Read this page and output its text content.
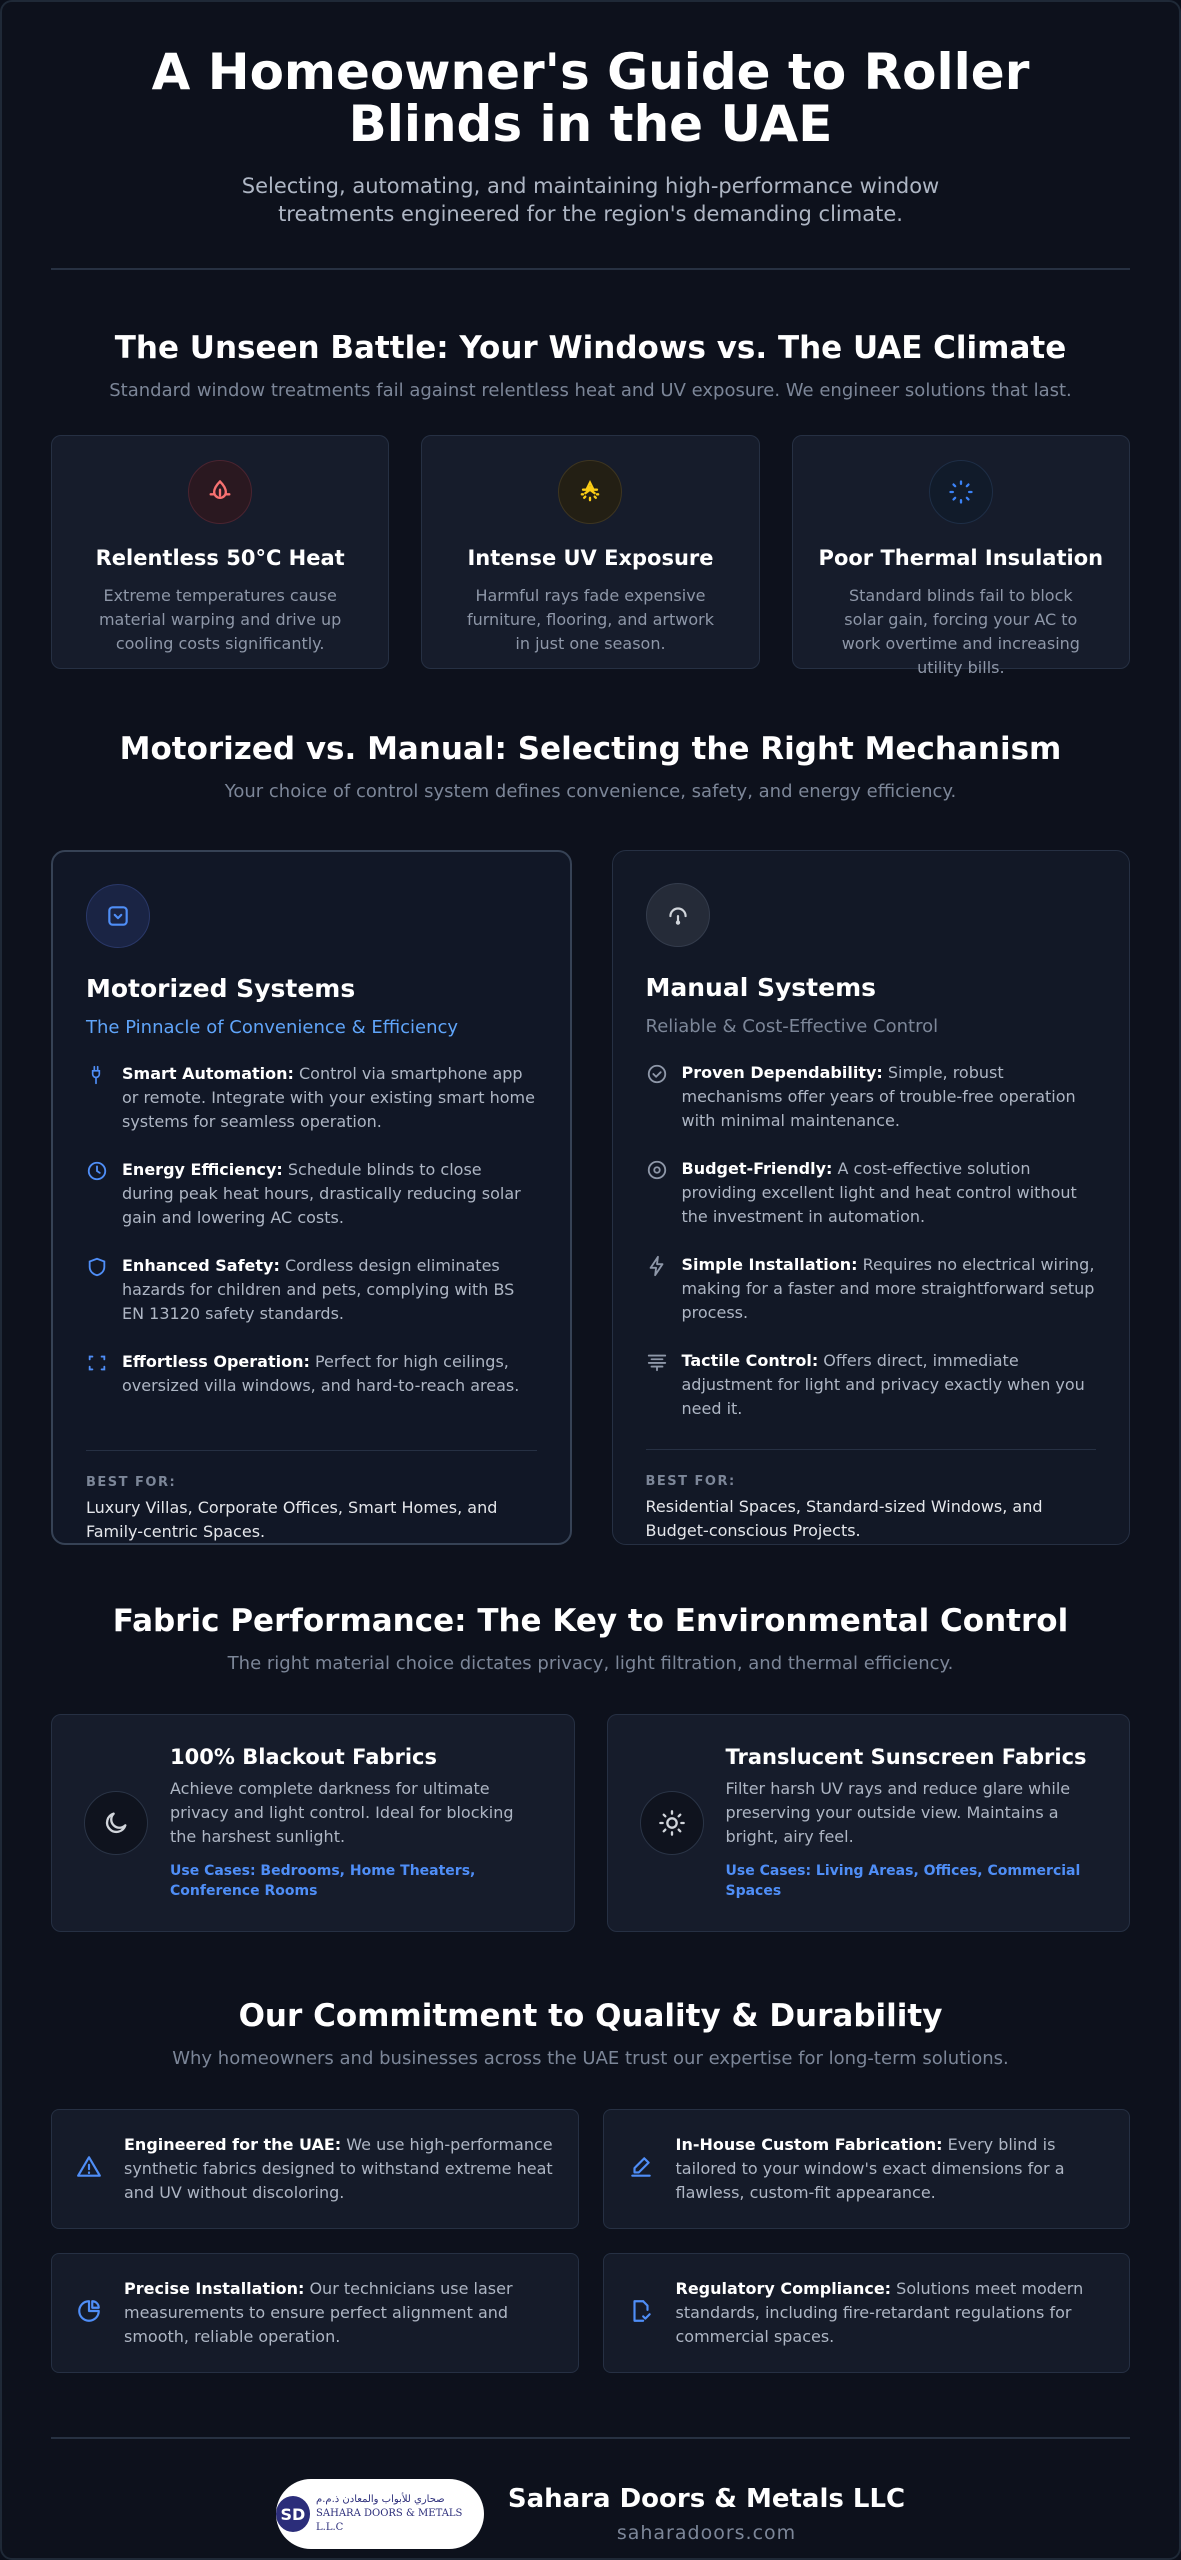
A Homeowner's Guide to Roller Blinds in the UAE

Selecting, automating, and maintaining high-performance window treatments engineered for the region's demanding climate.

The Unseen Battle: Your Windows vs. The UAE Climate

Standard window treatments fail against relentless heat and UV exposure. We engineer solutions that last.

Relentless 50°C Heat

Extreme temperatures cause material warping and drive up cooling costs significantly.

Intense UV Exposure

Harmful rays fade expensive furniture, flooring, and artwork in just one season.

Poor Thermal Insulation

Standard blinds fail to block solar gain, forcing your AC to work overtime and increasing utility bills.

Motorized vs. Manual: Selecting the Right Mechanism

Your choice of control system defines convenience, safety, and energy efficiency.

Motorized Systems

The Pinnacle of Convenience & Efficiency

Smart Automation: Control via smartphone app or remote. Integrate with your existing smart home systems for seamless operation.
Energy Efficiency: Schedule blinds to close during peak heat hours, drastically reducing solar gain and lowering AC costs.
Enhanced Safety: Cordless design eliminates hazards for children and pets, complying with BS EN 13120 safety standards.
Effortless Operation: Perfect for high ceilings, oversized villa windows, and hard-to-reach areas.
BEST FOR:
Luxury Villas, Corporate Offices, Smart Homes, and Family-centric Spaces.
Manual Systems

Reliable & Cost-Effective Control

Proven Dependability: Simple, robust mechanisms offer years of trouble-free operation with minimal maintenance.
Budget-Friendly: A cost-effective solution providing excellent light and heat control without the investment in automation.
Simple Installation: Requires no electrical wiring, making for a faster and more straightforward setup process.
Tactile Control: Offers direct, immediate adjustment for light and privacy exactly when you need it.
BEST FOR:
Residential Spaces, Standard-sized Windows, and Budget-conscious Projects.
Fabric Performance: The Key to Environmental Control

The right material choice dictates privacy, light filtration, and thermal efficiency.

100% Blackout Fabrics

Achieve complete darkness for ultimate privacy and light control. Ideal for blocking the harshest sunlight.

Use Cases: Bedrooms, Home Theaters, Conference Rooms

Translucent Sunscreen Fabrics

Filter harsh UV rays and reduce glare while preserving your outside view. Maintains a bright, airy feel.

Use Cases: Living Areas, Offices, Commercial Spaces

Our Commitment to Quality & Durability

Why homeowners and businesses across the UAE trust our expertise for long-term solutions.

Engineered for the UAE: We use high-performance synthetic fabrics designed to withstand extreme heat and UV without discoloring.
In-House Custom Fabrication: Every blind is tailored to your window's exact dimensions for a flawless, custom-fit appearance.
Precise Installation: Our technicians use laser measurements to ensure perfect alignment and smooth, reliable operation.
Regulatory Compliance: Solutions meet modern standards, including fire-retardant regulations for commercial spaces.
SD
صحاري للأبواب والمعادن ذ.م.م
SAHARA DOORS & METALS L.L.C
Sahara Doors & Metals LLC
saharadoors.com
